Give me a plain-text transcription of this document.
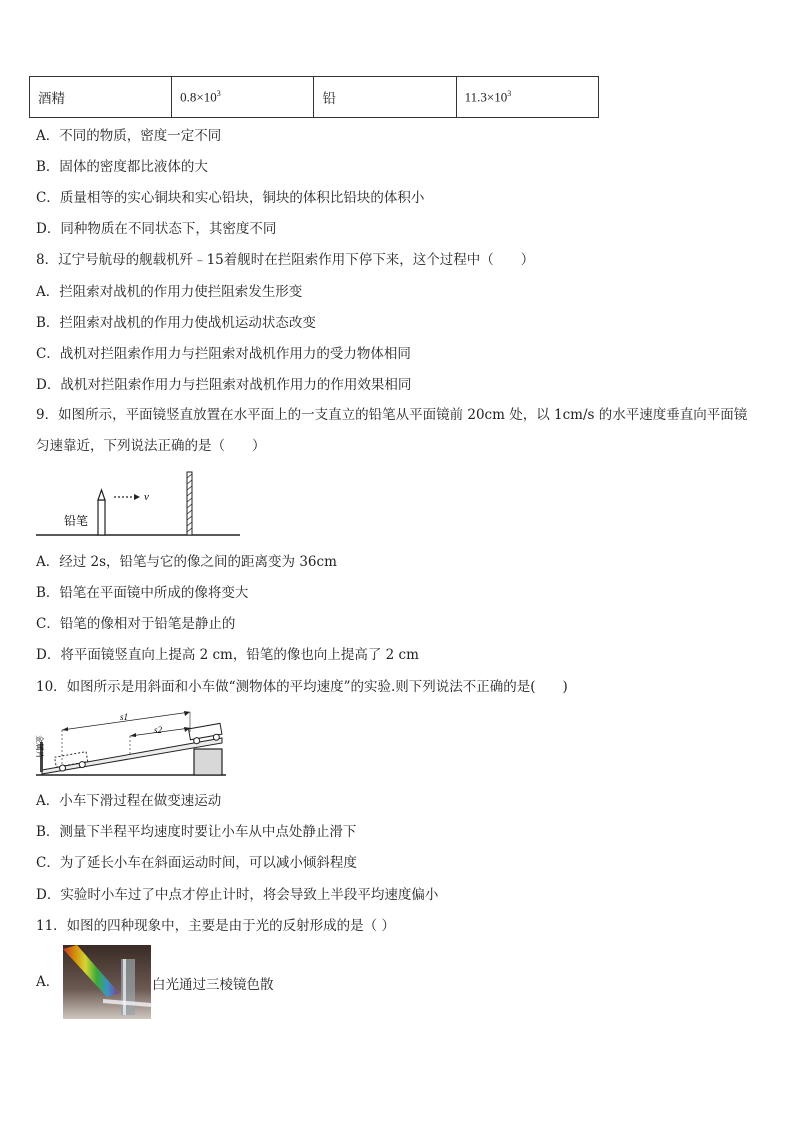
酒精	$0.8\times 10^3$	铅	$11.3\times 10^3$
A．不同的物质，密度一定不同
B．固体的密度都比液体的大
C．质量相等的实心铜块和实心铅块，铜块的体积比铅块的体积小
D．同种物质在不同状态下，其密度不同
8．辽宁号航母的舰载机歼﹣15着舰时在拦阻索作用下停下来，这个过程中（　　）
A．拦阻索对战机的作用力使拦阻索发生形变
B．拦阻索对战机的作用力使战机运动状态改变
C．战机对拦阻索作用力与拦阻索对战机作用力的受力物体相同
D．战机对拦阻索作用力与拦阻索对战机作用力的作用效果相同
9．如图所示，平面镜竖直放置在水平面上的一支直立的铅笔从平面镜前 20cm 处，以 1cm/s 的水平速度垂直向平面镜匀速靠近，下列说法正确的是（　　）
v
铅笔
A．经过 2s，铅笔与它的像之间的距离变为 36cm
B．铅笔在平面镜中所成的像将变大
C．铅笔的像相对于铅笔是静止的
D．将平面镜竖直向上提高 2 cm，铅笔的像也向上提高了 2 cm
10．如图所示是用斜面和小车做“测物体的平均速度”的实验.则下列说法不正确的是(　　)
金属片
s1
s2
A．小车下滑过程在做变速运动
B．测量下半程平均速度时要让小车从中点处静止滑下
C．为了延长小车在斜面运动时间，可以减小倾斜程度
D．实验时小车过了中点才停止计时，将会导致上半段平均速度偏小
11．如图的四种现象中，主要是由于光的反射形成的是（ ）
A．	白光通过三棱镜色散
